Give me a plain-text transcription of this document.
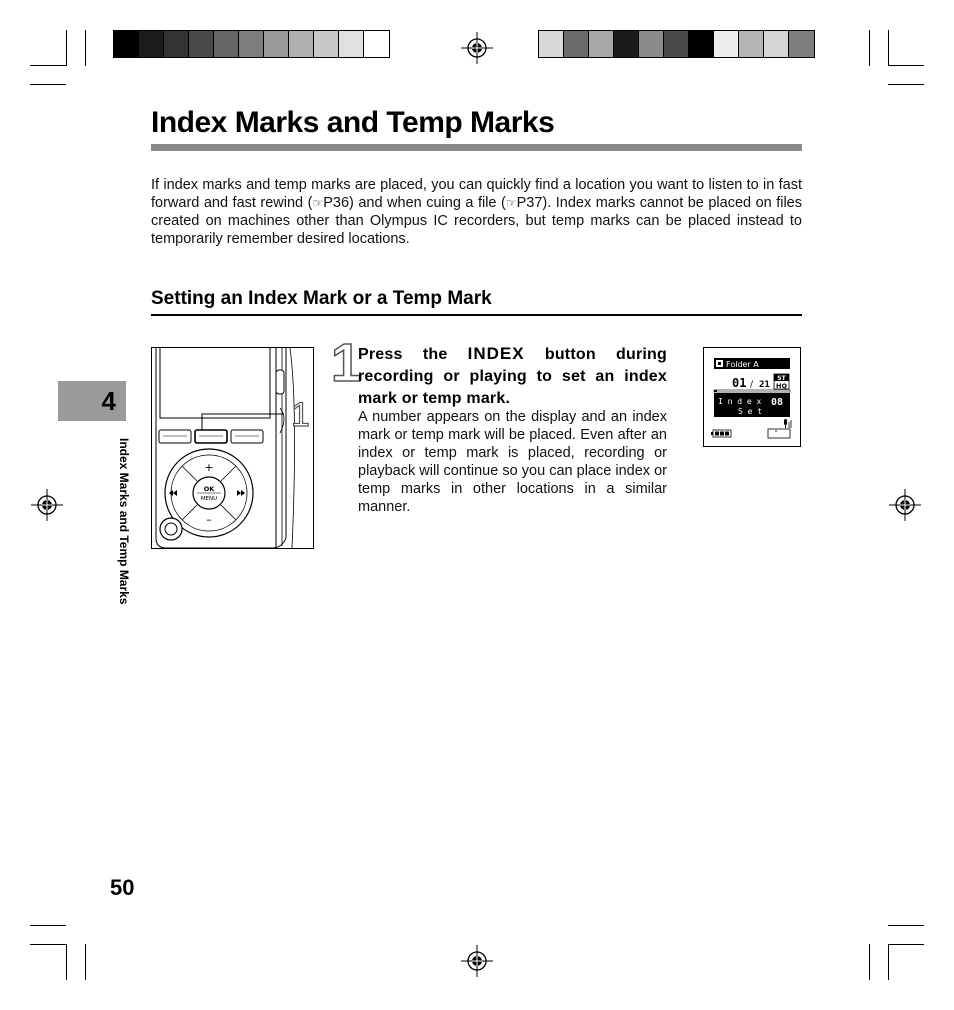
Index Marks and Temp Marks

If index marks and temp marks are placed, you can quickly find a location you want to listen to in fast forward and fast rewind (☞P36) and when cuing a file (☞P37). Index marks cannot be placed on files created on machines other than Olympus IC recorders, but temp marks can be placed instead to temporarily remember desired locations.

Setting an Index Mark or a Temp Mark
4
Index Marks and Temp Marks	+
–
OK
MENU
1
1

Press the INDEX button during recording or playing to set an index mark or temp mark.

A number appears on the display and an index mark or temp mark will be placed. Even after an index or temp mark is placed, recording or playback will continue so you can place index or temp marks in other locations in a similar manner.

Folder A
01 / 21
ST
HQ
I n d e x 08
S e t
50
